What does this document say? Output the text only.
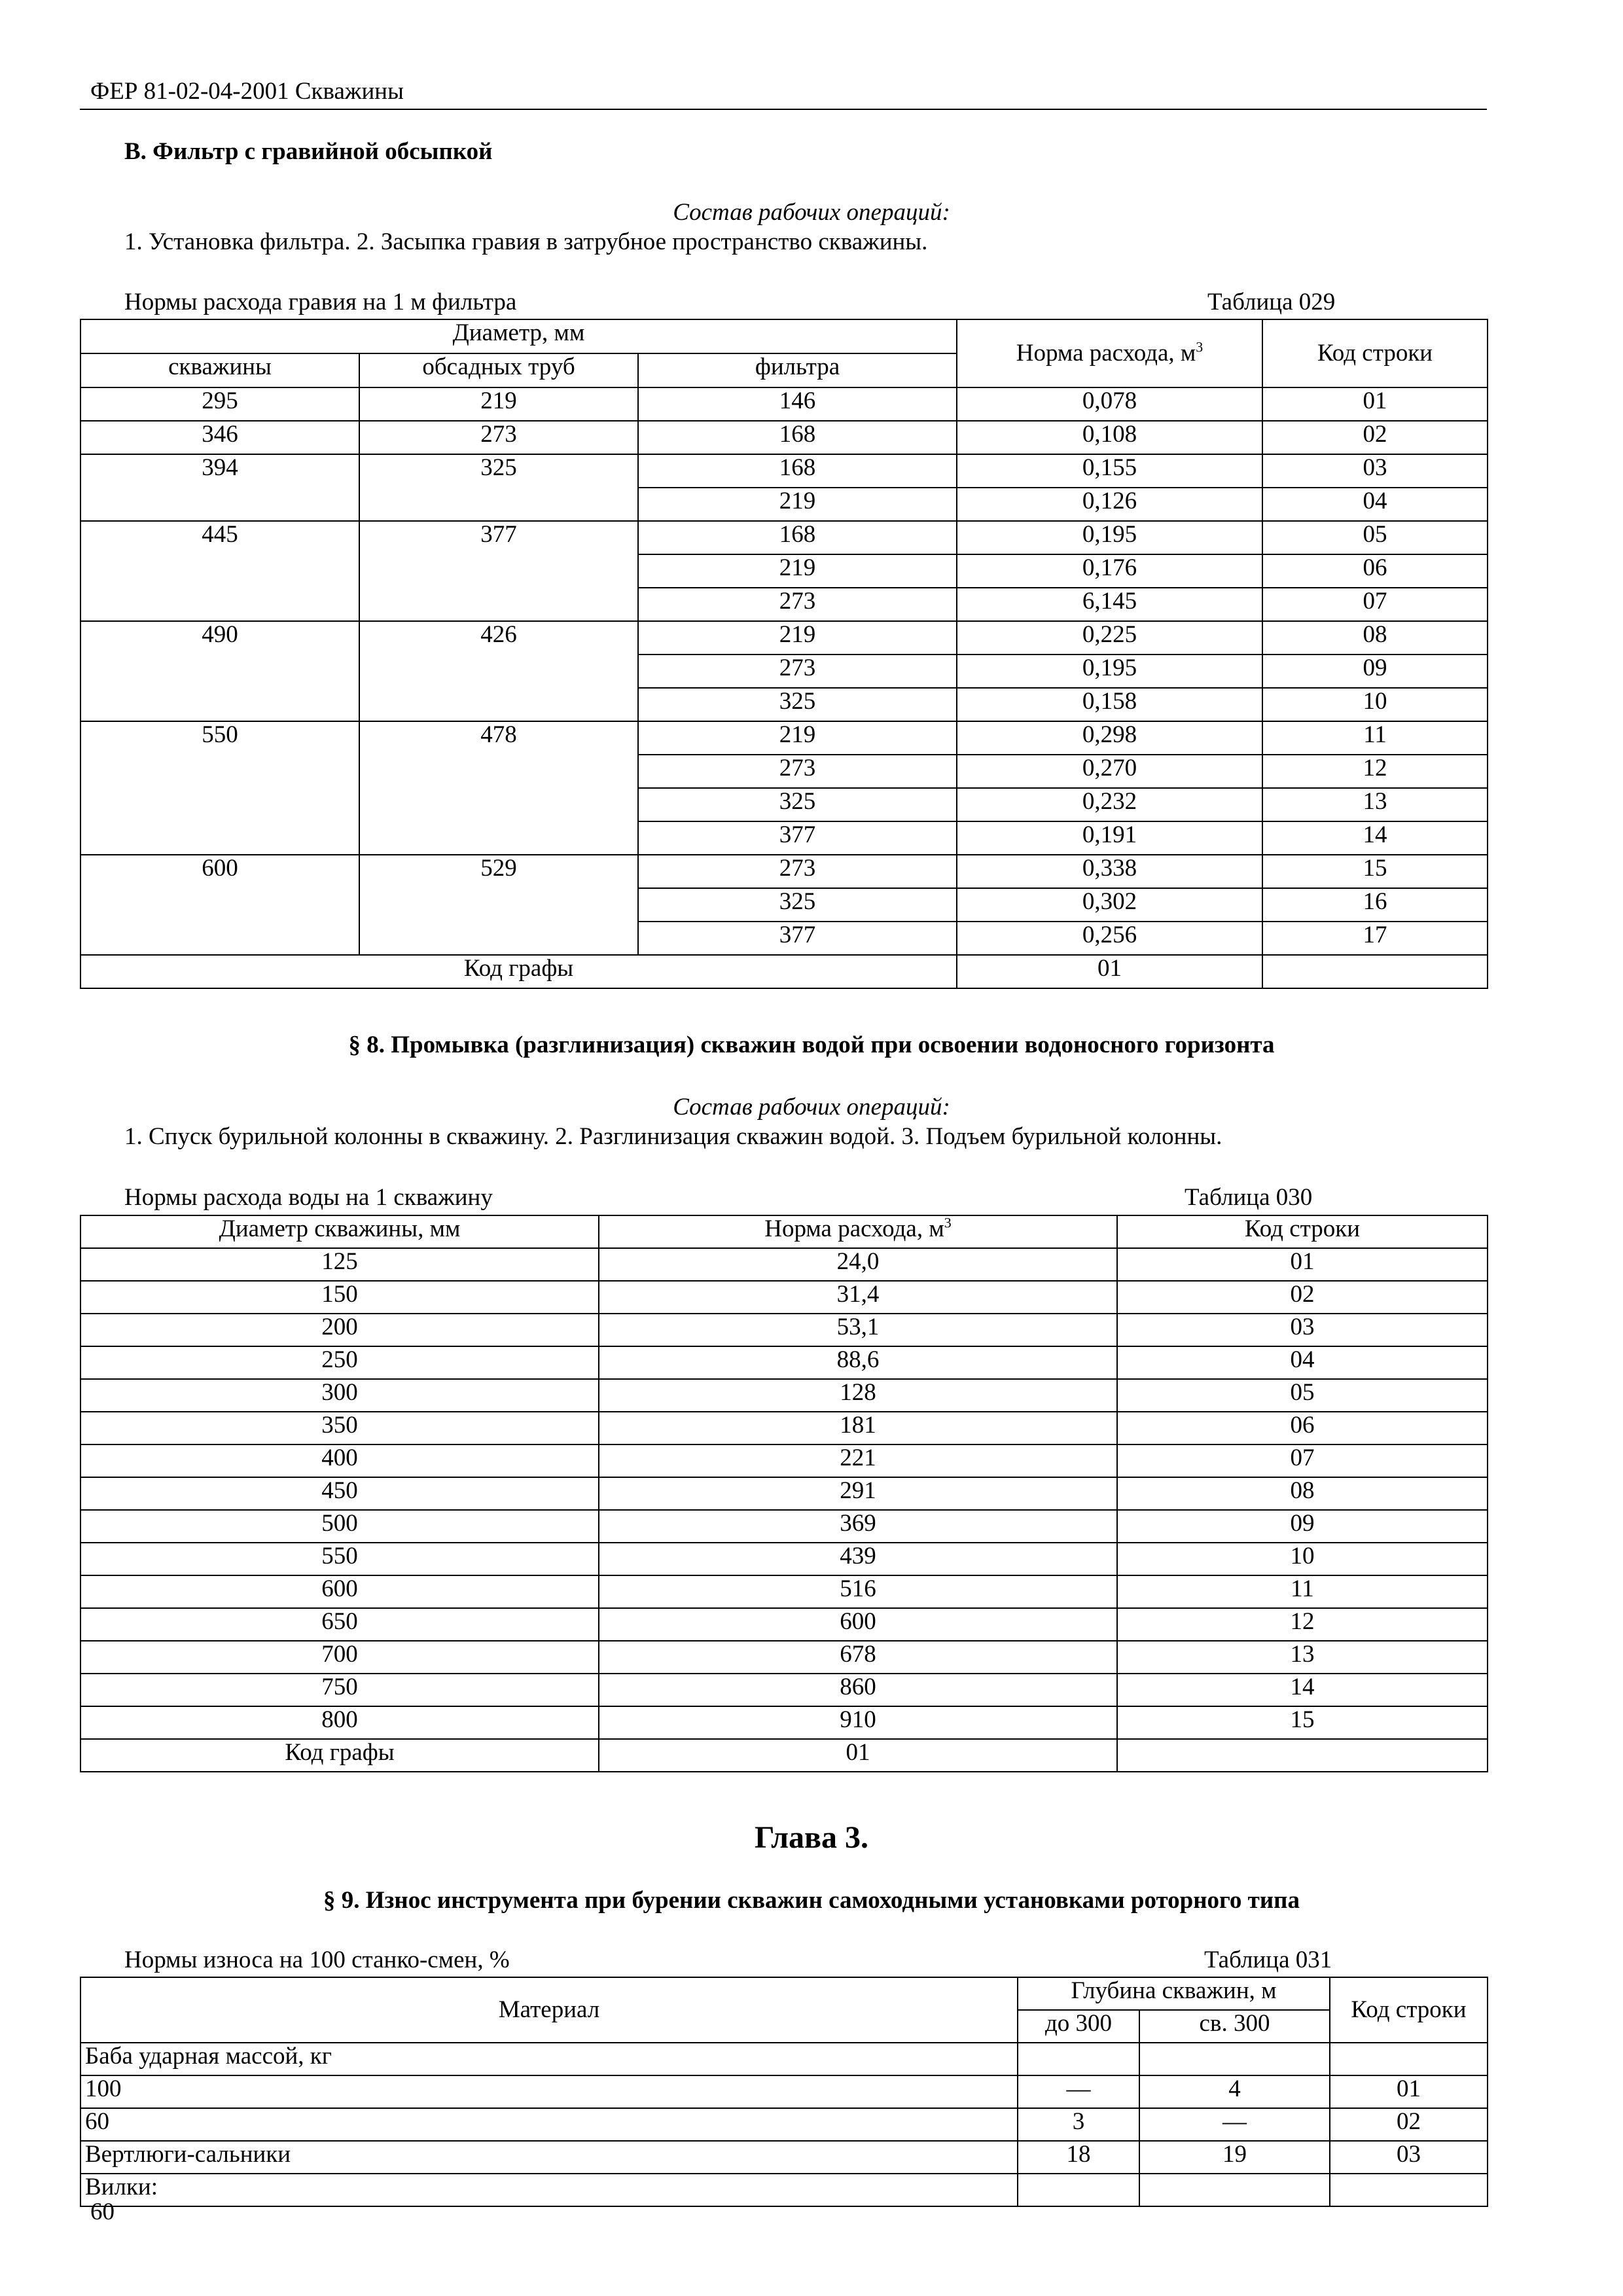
ФЕР 81-02-04-2001 Скважины
В. Фильтр с гравийной обсыпкой
Состав рабочих операций:
1. Установка фильтра. 2. Засыпка гравия в затрубное пространство скважины.
Нормы расхода гравия на 1 м фильтра	Таблица 029
Диаметр, мм			Норма расхода, $м^3$	Код строки
скважины	обсадных труб	фильтра		
295	219	146	0,078	01
346	273	168	0,108	02
394	325	168	0,155	03
		219	0,126	04
445	377	168	0,195	05
		219	0,176	06
		273	6,145	07
490	426	219	0,225	08
		273	0,195	09
		325	0,158	10
550	478	219	0,298	11
		273	0,270	12
		325	0,232	13
		377	0,191	14
600	529	273	0,338	15
		325	0,302	16
		377	0,256	17
Код графы			01	
§ 8. Промывка (разглинизация) скважин водой при освоении водоносного горизонта
Состав рабочих операций:
1. Спуск бурильной колонны в скважину. 2. Разглинизация скважин водой. 3. Подъем бурильной колонны.
Нормы расхода воды на 1 скважину	Таблица 030
Диаметр скважины, мм	Норма расхода, $м^3$	Код строки
125	24,0	01
150	31,4	02
200	53,1	03
250	88,6	04
300	128	05
350	181	06
400	221	07
450	291	08
500	369	09
550	439	10
600	516	11
650	600	12
700	678	13
750	860	14
800	910	15
Код графы	01	
Глава 3.
§ 9. Износ инструмента при бурении скважин самоходными установками роторного типа
Нормы износа на 100 станко-смен, %	Таблица 031
Материал	Глубина скважин, м		Код строки
	до 300	св. 300	
Баба ударная массой, кг			
100	—	4	01
60	3	—	02
Вертлюги-сальники	18	19	03
Вилки:			
60
